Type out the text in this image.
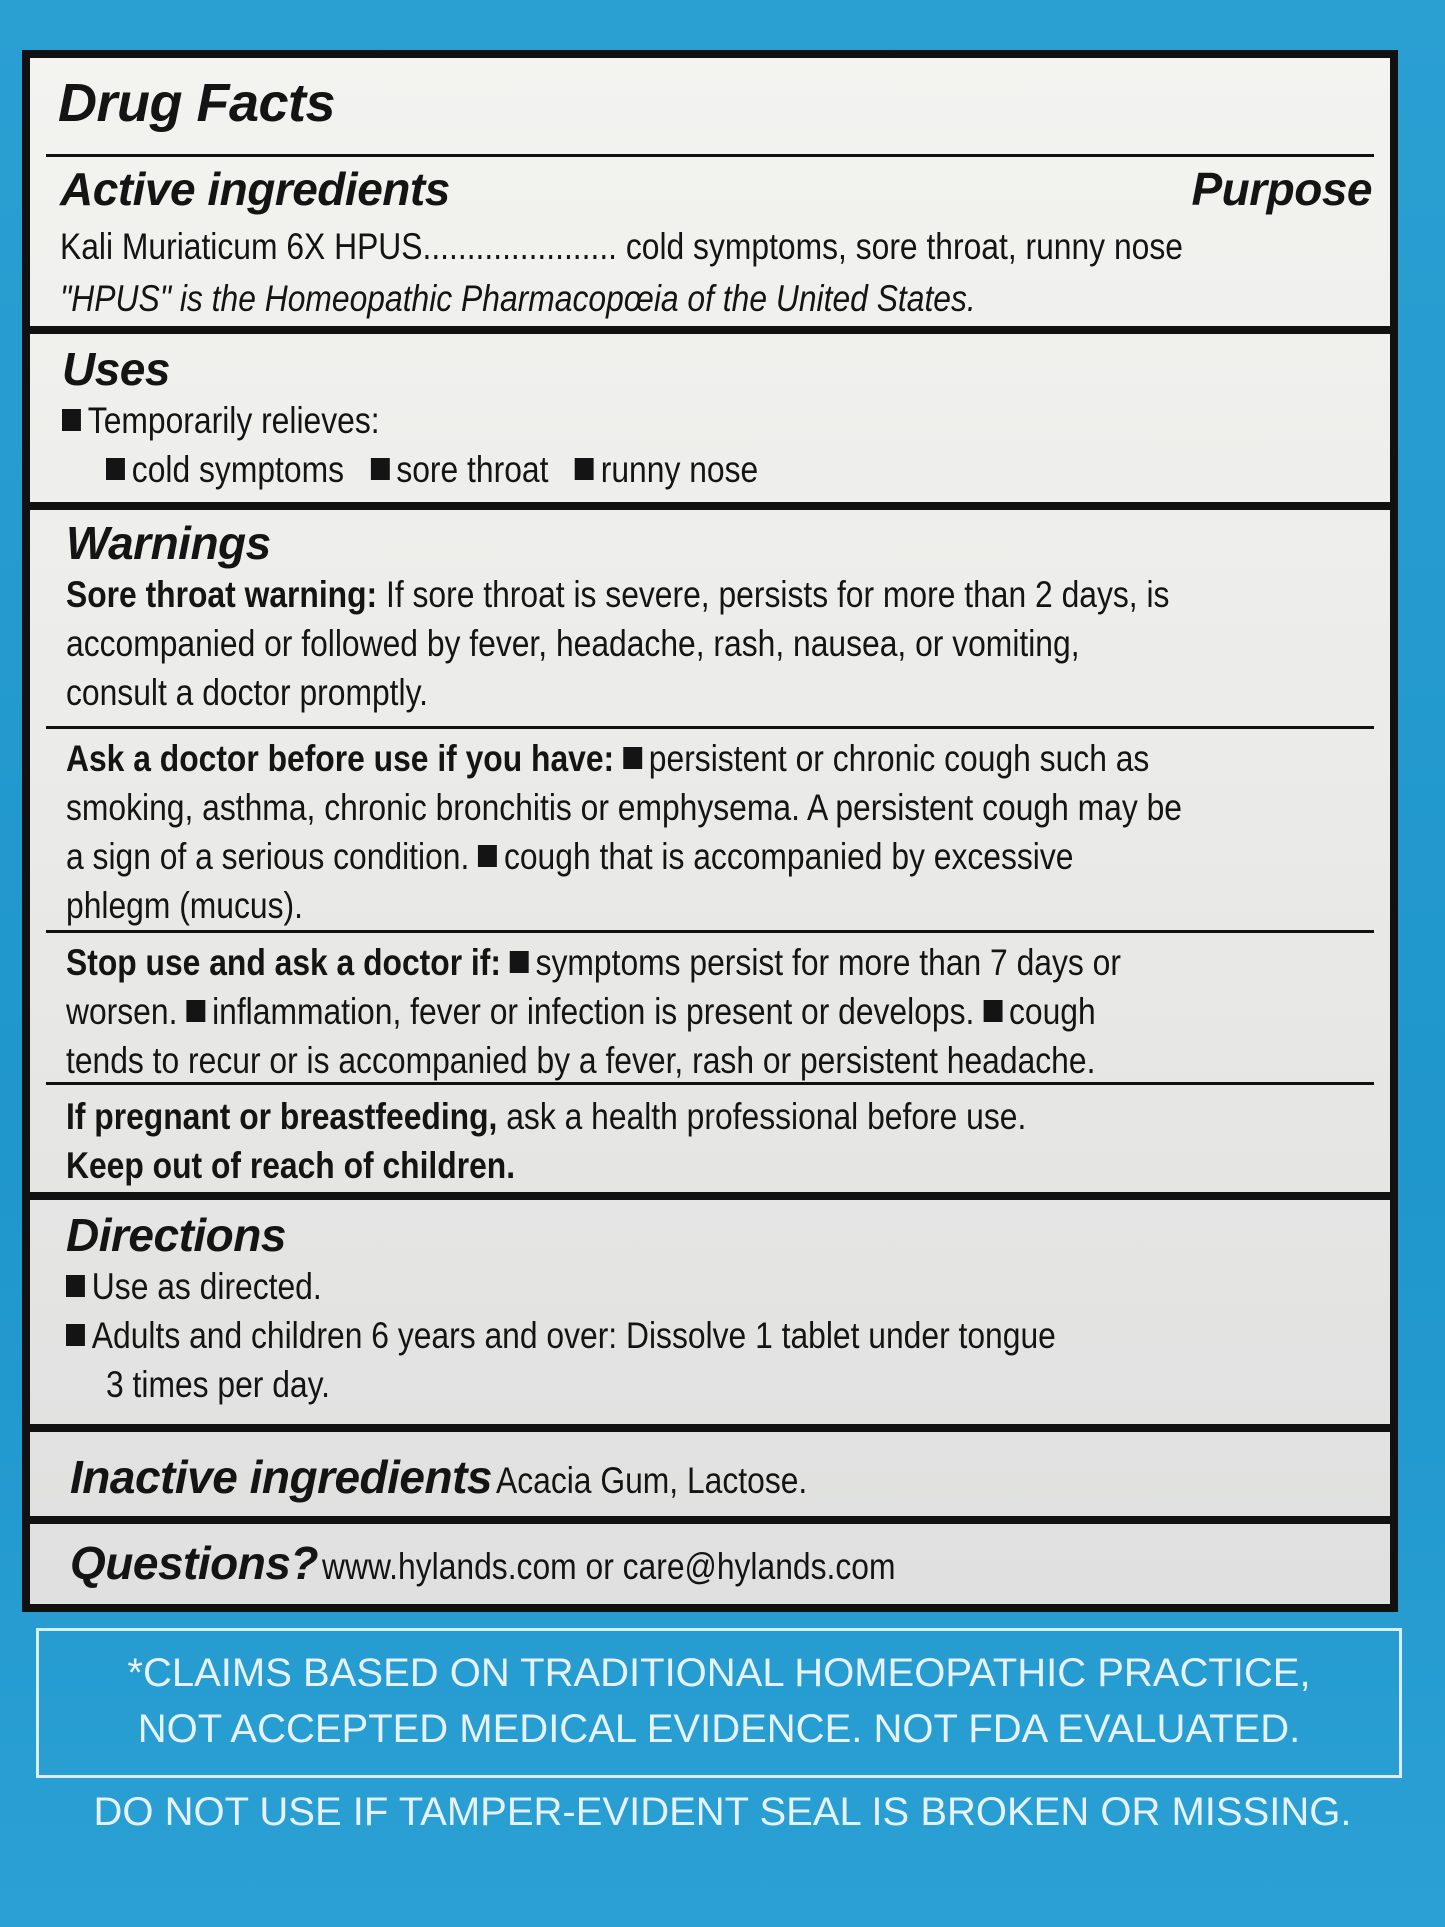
Drug Facts
Active ingredients	Purpose
Kali Muriaticum 6X HPUS...................... cold symptoms, sore throat, runny nose
"HPUS" is the Homeopathic Pharmacopœia of the United States.
Uses
Temporarily relieves:
cold symptoms sore throat runny nose
Warnings
Sore throat warning: If sore throat is severe, persists for more than 2 days, is
accompanied or followed by fever, headache, rash, nausea, or vomiting,
consult a doctor promptly.
Ask a doctor before use if you have: persistent or chronic cough such as
smoking, asthma, chronic bronchitis or emphysema. A persistent cough may be
a sign of a serious condition. cough that is accompanied by excessive
phlegm (mucus).
Stop use and ask a doctor if: symptoms persist for more than 7 days or
worsen. inflammation, fever or infection is present or develops. cough
tends to recur or is accompanied by a fever, rash or persistent headache.
If pregnant or breastfeeding, ask a health professional before use.
Keep out of reach of children.
Directions
Use as directed.
Adults and children 6 years and over: Dissolve 1 tablet under tongue
3 times per day.
Inactive ingredients Acacia Gum, Lactose.
Questions? www.hylands.com or care@hylands.com
*CLAIMS BASED ON TRADITIONAL HOMEOPATHIC PRACTICE,
NOT ACCEPTED MEDICAL EVIDENCE. NOT FDA EVALUATED.
DO NOT USE IF TAMPER-EVIDENT SEAL IS BROKEN OR MISSING.
